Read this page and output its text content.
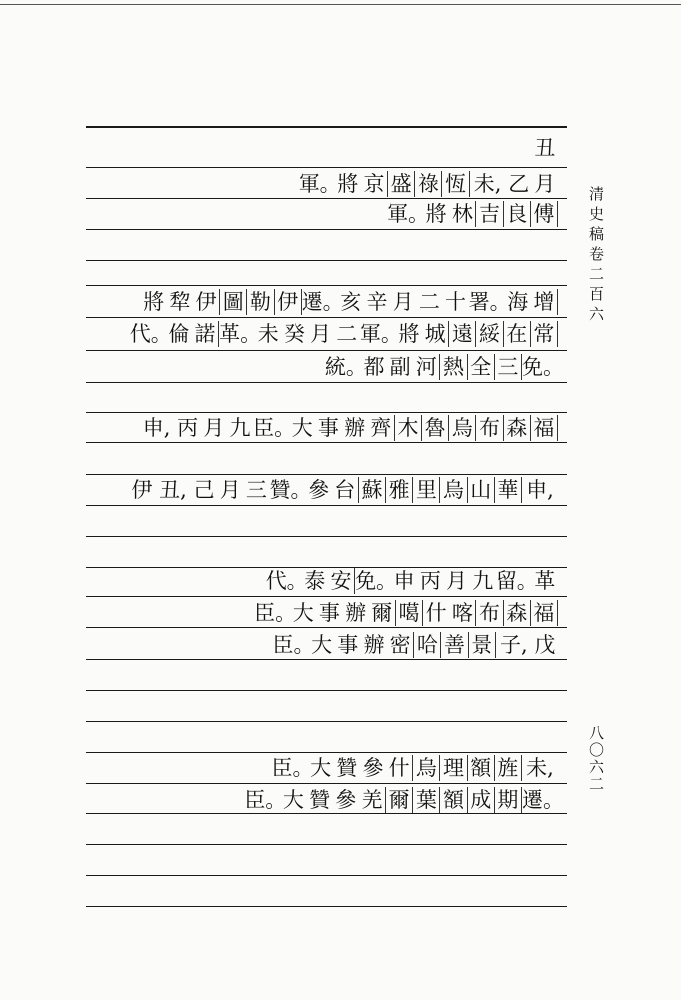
丑
月
乙
未,
恆
祿
盛
京
將
軍。
傅
良
吉
林
將
軍。
增
海
署。
十
二
月
辛
亥
遷。
伊
勒
圖
伊
犂
將
常
在
綏
遠
城
將
軍。
二
月
癸
未
革。
諾
倫
代。
免。
三
全
熱
河
副
都
統。
福
森
布
烏
魯
木
齊
辦
事
大
臣。
九
月
丙
申,
申,
華
山
烏
里
雅
蘇
台
參
贊。
三
月
己
丑,
伊
革
留。
九
月
丙
申
免。
安
泰
代。
福
森
布
喀
什
噶
爾
辦
事
大
臣。
戊
子,
景
善
哈
密
辦
事
大
臣。
未,
旌
額
理
烏
什
參
贊
大
臣。
遷。
期
成
額
葉
爾
羌
參
贊
大
臣。
清史稿卷二百六
八〇六二
